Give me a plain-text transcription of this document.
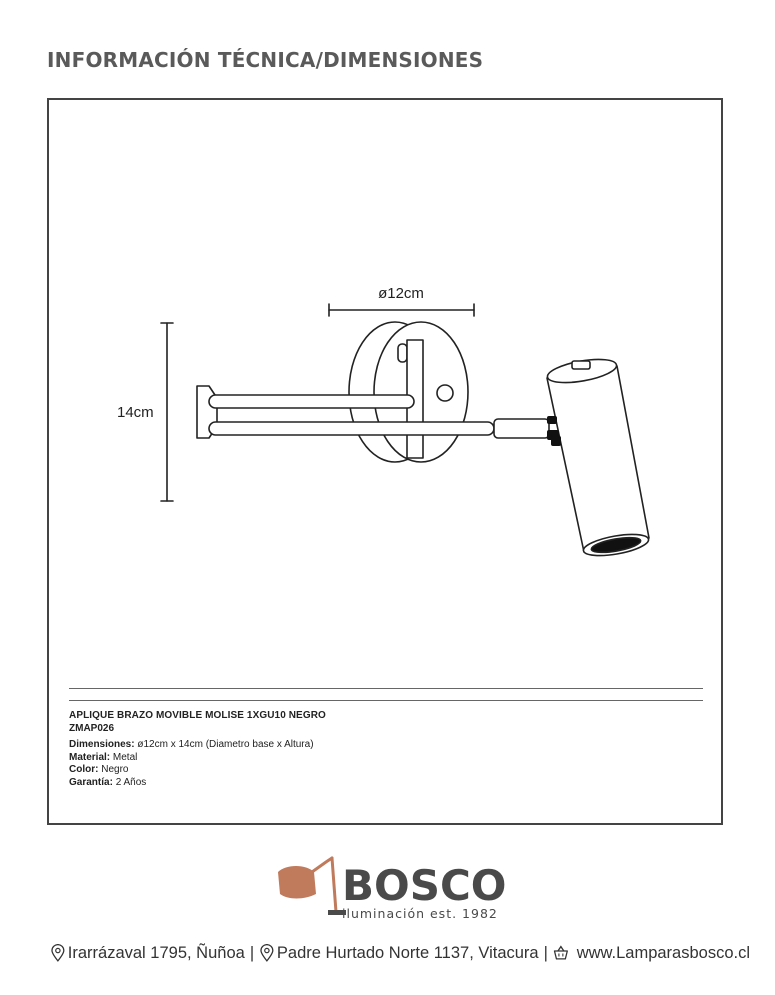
INFORMACIÓN TÉCNICA/DIMENSIONES
ø12cm
14cm
APLIQUE BRAZO MOVIBLE MOLISE 1XGU10 NEGRO
ZMAP026
Dimensiones: ø12cm x 14cm (Diametro base x Altura)
Material: Metal
Color: Negro
Garantía: 2 Años
BOSCO
iluminación est. 1982
Irarrázaval 1795, Ñuñoa | Padre Hurtado Norte 1137, Vitacura | www.Lamparasbosco.cl
